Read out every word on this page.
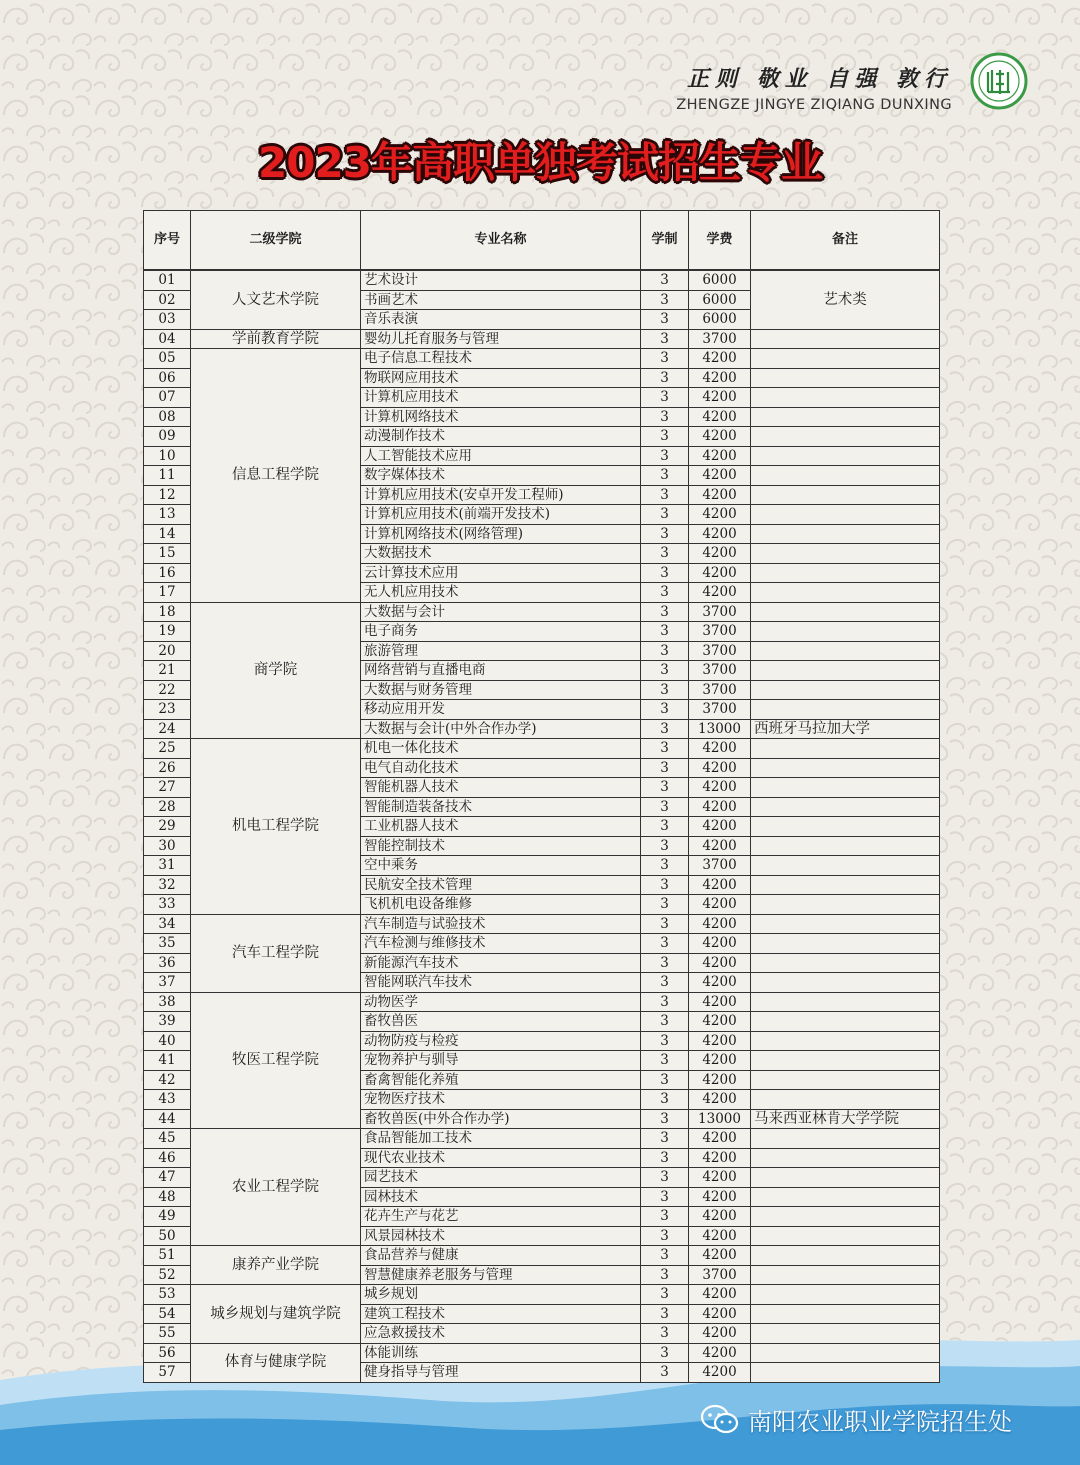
正则 敬业 自强 敦行
ZHENGZE JINGYE ZIQIANG DUNXING
2023年高职单独考试招生专业
序号	二级学院	专业名称	学制	学费	备注
01	人文艺术学院	艺术设计	3	6000	艺术类
02		书画艺术	3	6000	
03		音乐表演	3	6000	
04	学前教育学院	婴幼儿托育服务与管理	3	3700	
05	信息工程学院	电子信息工程技术	3	4200	
06		物联网应用技术	3	4200	
07		计算机应用技术	3	4200	
08		计算机网络技术	3	4200	
09		动漫制作技术	3	4200	
10		人工智能技术应用	3	4200	
11		数字媒体技术	3	4200	
12		计算机应用技术(安卓开发工程师)	3	4200	
13		计算机应用技术(前端开发技术)	3	4200	
14		计算机网络技术(网络管理)	3	4200	
15		大数据技术	3	4200	
16		云计算技术应用	3	4200	
17		无人机应用技术	3	4200	
18	商学院	大数据与会计	3	3700	
19		电子商务	3	3700	
20		旅游管理	3	3700	
21		网络营销与直播电商	3	3700	
22		大数据与财务管理	3	3700	
23		移动应用开发	3	3700	
24		大数据与会计(中外合作办学)	3	13000	西班牙马拉加大学
25	机电工程学院	机电一体化技术	3	4200	
26		电气自动化技术	3	4200	
27		智能机器人技术	3	4200	
28		智能制造装备技术	3	4200	
29		工业机器人技术	3	4200	
30		智能控制技术	3	4200	
31		空中乘务	3	3700	
32		民航安全技术管理	3	4200	
33		飞机机电设备维修	3	4200	
34	汽车工程学院	汽车制造与试验技术	3	4200	
35		汽车检测与维修技术	3	4200	
36		新能源汽车技术	3	4200	
37		智能网联汽车技术	3	4200	
38	牧医工程学院	动物医学	3	4200	
39		畜牧兽医	3	4200	
40		动物防疫与检疫	3	4200	
41		宠物养护与驯导	3	4200	
42		畜禽智能化养殖	3	4200	
43		宠物医疗技术	3	4200	
44		畜牧兽医(中外合作办学)	3	13000	马来西亚林肯大学学院
45	农业工程学院	食品智能加工技术	3	4200	
46		现代农业技术	3	4200	
47		园艺技术	3	4200	
48		园林技术	3	4200	
49		花卉生产与花艺	3	4200	
50		风景园林技术	3	4200	
51	康养产业学院	食品营养与健康	3	4200	
52		智慧健康养老服务与管理	3	3700	
53	城乡规划与建筑学院	城乡规划	3	4200	
54		建筑工程技术	3	4200	
55		应急救援技术	3	4200	
56	体育与健康学院	体能训练	3	4200	
57		健身指导与管理	3	4200	
南阳农业职业学院招生处
